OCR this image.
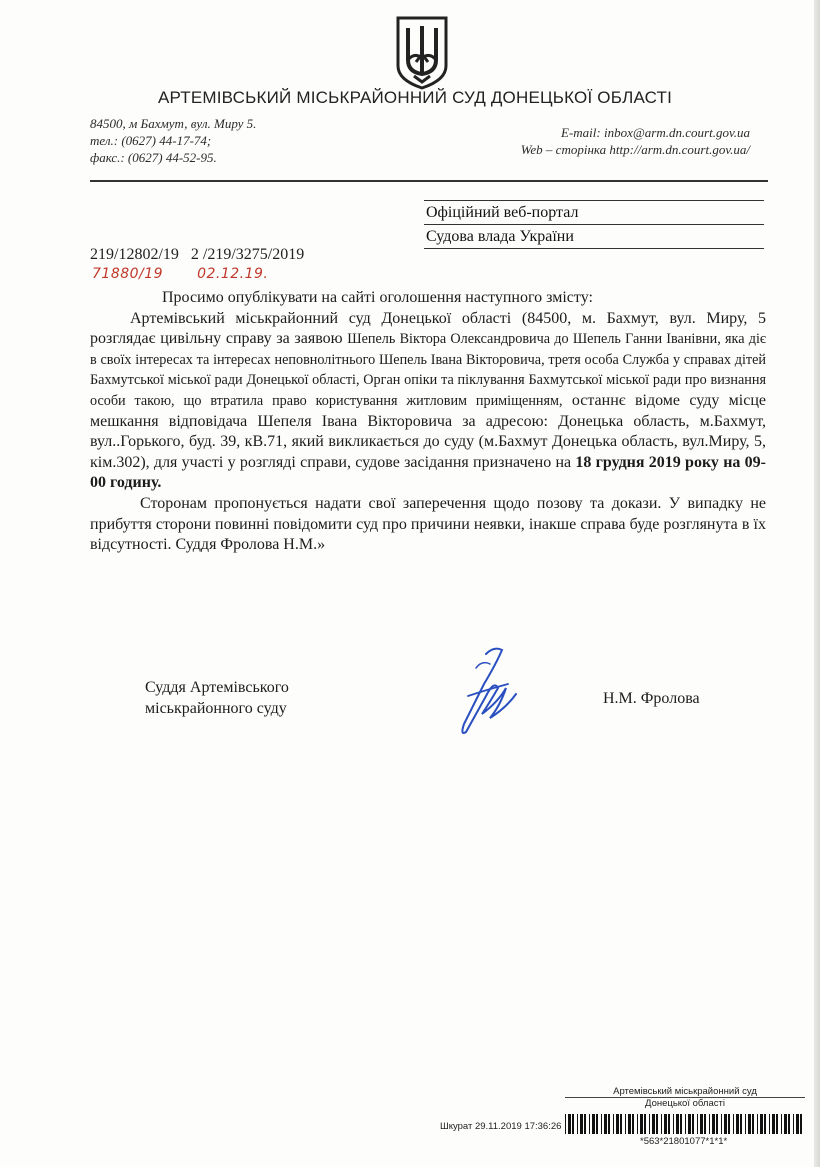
АРТЕМІВСЬКИЙ МІСЬКРАЙОННИЙ СУД ДОНЕЦЬКОЇ ОБЛАСТІ
84500, м Бахмут, вул. Миру 5.
тел.: (0627) 44-17-74;
факс.: (0627) 44-52-95.
E-mail: inbox@arm.dn.court.gov.ua
Web – сторінка http://arm.dn.court.gov.ua/
Офіційний веб-портал
Судова влада України
219/12802/19   2 /219/3275/2019
71880/19 02.12.19.

Просимо опублікувати на сайті оголошення наступного змісту:

Артемівський міськрайонний суд Донецької області (84500, м. Бахмут, вул. Миру, 5 розглядає цивільну справу за заявою Шепель Віктора Олександровича до Шепель Ганни Іванівни, яка діє в своїх інтересах та інтересах неповнолітнього Шепель Івана Вікторовича, третя особа Служба у справах дітей Бахмутської міської ради Донецької області, Орган опіки та піклування Бахмутської міської ради про визнання особи такою, що втратила право користування житловим приміщенням, останнє відоме суду місце мешкання відповідача Шепеля Івана Вікторовича за адресою: Донецька область, м.Бахмут, вул..Горького, буд. 39, кВ.71, який викликається до суду (м.Бахмут Донецька область, вул.Миру, 5, кім.302), для участі у розгляді справи, судове засідання призначено на 18 грудня 2019 року на 09-00 годину.

Сторонам пропонується надати свої заперечення щодо позову та докази. У випадку не прибуття сторони повинні повідомити суд про причини неявки, інакше справа буде розглянута в їх відсутності. Суддя Фролова Н.М.»

Суддя Артемівського
міськрайонного суду
Н.М. Фролова
Артемівський міськрайонний суд
Донецької області
Шкурат 29.11.2019 17:36:26
*563*21801077*1*1*
